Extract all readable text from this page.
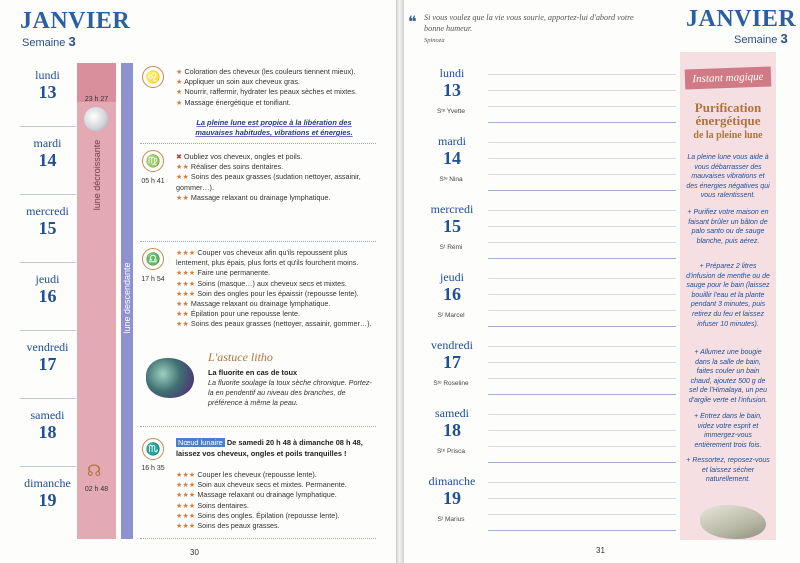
JANVIER
Semaine 3
23 h 27
lune décroissante
lune descendante
02 h 48
☊
lundi
13
mardi
14
mercredi
15
jeudi
16
vendredi
17
samedi
18
dimanche
19
♌	★ Coloration des cheveux (les couleurs tiennent mieux).
★ Appliquer un soin aux cheveux gras.
★ Nourrir, raffermir, hydrater les peaux sèches et mixtes.
★ Massage énergétique et tonifiant.
La pleine lune est propice à la libération des mauvaises habitudes, vibrations et énergies.
♍
05 h 41
✖ Oubliez vos cheveux, ongles et poils.
★★ Réaliser des soins dentaires.
★★ Soins des peaux grasses (sudation nettoyer, assainir, gommer…).
★★ Massage relaxant ou drainage lymphatique.
♎
17 h 54
★★★ Couper vos cheveux afin qu'ils repoussent plus lentement, plus épais, plus forts et qu'ils fourchent moins.
★★★ Faire une permanente.
★★★ Soins (masque…) aux cheveux secs et mixtes.
★★★ Soin des ongles pour les épaissir (repousse lente).
★★ Massage relaxant ou drainage lymphatique.
★★ Épilation pour une repousse lente.
★★ Soins des peaux grasses (nettoyer, assainir, gommer…).
L'astuce litho
La fluorite en cas de toux
La fluorite soulage la toux sèche chronique. Portez-la en pendentif au niveau des branches, de préférence à même la peau.
♏
16 h 35
Nœud lunaire De samedi 20 h 48 à dimanche 08 h 48, laissez vos cheveux, ongles et poils tranquilles !
★★★ Couper les cheveux (repousse lente).
★★★ Soin aux cheveux secs et mixtes. Permanente.
★★★ Massage relaxant ou drainage lymphatique.
★★★ Soins dentaires.
★★★ Soins des ongles. Épilation (repousse lente).
★★★ Soins des peaux grasses.
30
❝ Si vous voulez que la vie vous sourie, apportez-lui d'abord votre bonne humeur.
Spinoza
JANVIER
Semaine 3
lundi
13
Sᵗᵉ Yvette
mardi
14
Sᵗᵉ Nina
mercredi
15
Sᵗ Rémi
jeudi
16
Sᵗ Marcel
vendredi
17
Sᵗᵉ Roseline
samedi
18
Sᵗᵉ Prisca
dimanche
19
Sᵗ Marius
Instant magique
Purification énergétique
de la pleine lune
La pleine lune vous aide à vous débarrasser des mauvaises vibrations et des énergies négatives qui vous ralentissent.
+ Purifiez votre maison en faisant brûler un bâton de palo santo ou de sauge blanche, puis aérez.
+ Préparez 2 litres d'infusion de menthe ou de sauge pour le bain (laissez bouillir l'eau et la plante pendant 3 minutes, puis retirez du feu et laissez infuser 10 minutes).
+ Allumez une bougie dans la salle de bain, faites couler un bain chaud, ajoutez 500 g de sel de l'Himalaya, un peu d'argile verte et l'infusion.
+ Entrez dans le bain, videz votre esprit et immergez-vous entièrement trois fois.
+ Ressortez, reposez-vous et laissez sécher naturellement.
31
